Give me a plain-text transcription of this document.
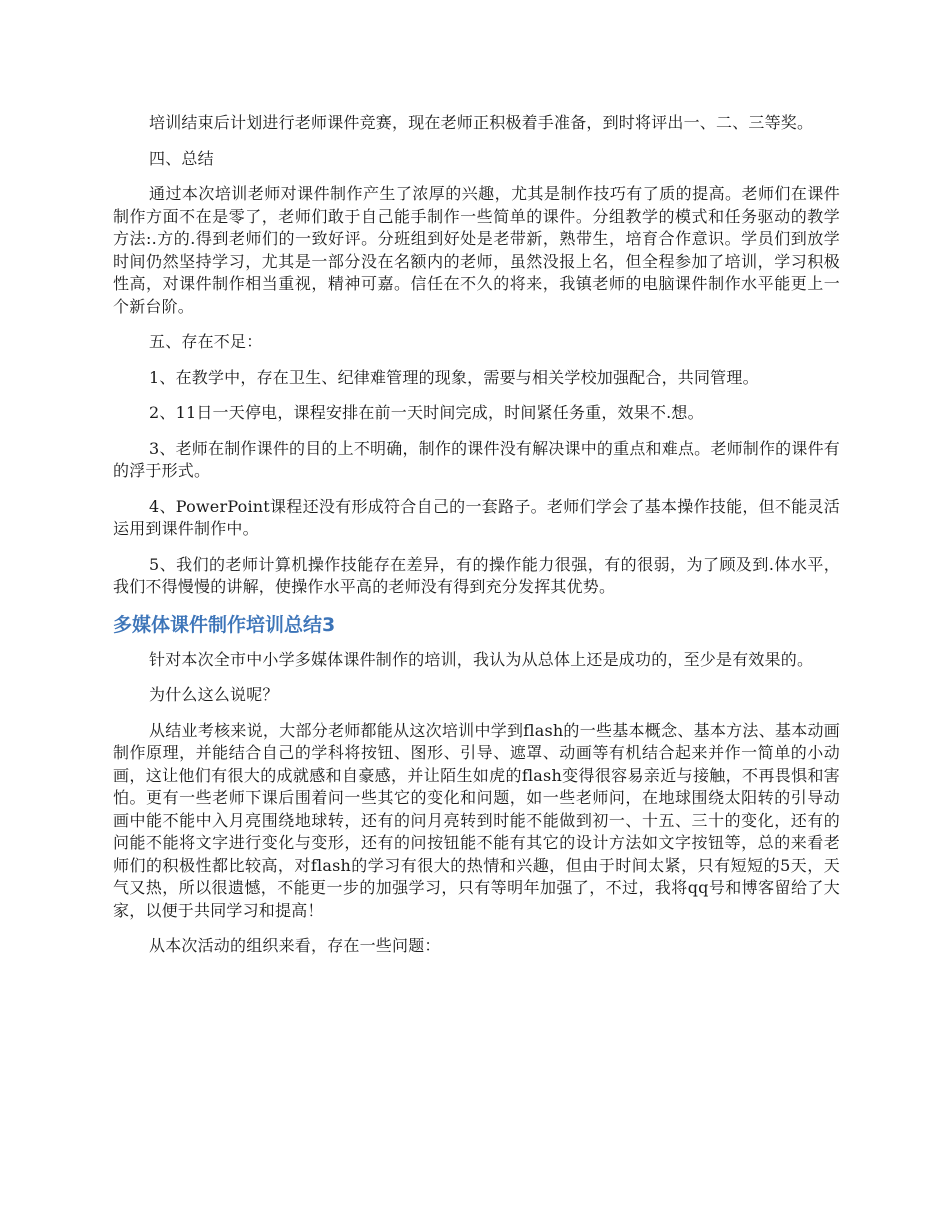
培训结束后计划进行老师课件竞赛，现在老师正积极着手准备，到时将评出一、二、三等奖。

四、总结

通过本次培训老师对课件制作产生了浓厚的兴趣，尤其是制作技巧有了质的提高。老师们在课件制作方面不在是零了，老师们敢于自己能手制作一些简单的课件。分组教学的模式和任务驱动的教学方法:.方的.得到老师们的一致好评。分班组到好处是老带新，熟带生，培育合作意识。学员们到放学时间仍然坚持学习，尤其是一部分没在名额内的老师，虽然没报上名，但全程参加了培训，学习积极性高，对课件制作相当重视，精神可嘉。信任在不久的将来，我镇老师的电脑课件制作水平能更上一个新台阶。

五、存在不足：

1、在教学中，存在卫生、纪律难管理的现象，需要与相关学校加强配合，共同管理。

2、11日一天停电，课程安排在前一天时间完成，时间紧任务重，效果不.想。

3、老师在制作课件的目的上不明确，制作的课件没有解决课中的重点和难点。老师制作的课件有的浮于形式。

4、PowerPoint课程还没有形成符合自己的一套路子。老师们学会了基本操作技能，但不能灵活运用到课件制作中。

5、我们的老师计算机操作技能存在差异，有的操作能力很强，有的很弱，为了顾及到.体水平，我们不得慢慢的讲解，使操作水平高的老师没有得到充分发挥其优势。

多媒体课件制作培训总结3

针对本次全市中小学多媒体课件制作的培训，我认为从总体上还是成功的，至少是有效果的。

为什么这么说呢？

从结业考核来说，大部分老师都能从这次培训中学到flash的一些基本概念、基本方法、基本动画制作原理，并能结合自己的学科将按钮、图形、引导、遮罩、动画等有机结合起来并作一简单的小动画，这让他们有很大的成就感和自豪感，并让陌生如虎的flash变得很容易亲近与接触，不再畏惧和害怕。更有一些老师下课后围着问一些其它的变化和问题，如一些老师问，在地球围绕太阳转的引导动画中能不能中入月亮围绕地球转，还有的问月亮转到时能不能做到初一、十五、三十的变化，还有的问能不能将文字进行变化与变形，还有的问按钮能不能有其它的设计方法如文字按钮等，总的来看老师们的积极性都比较高，对flash的学习有很大的热情和兴趣，但由于时间太紧，只有短短的5天，天气又热，所以很遗憾，不能更一步的加强学习，只有等明年加强了，不过，我将qq号和博客留给了大家，以便于共同学习和提高！

从本次活动的组织来看，存在一些问题：
